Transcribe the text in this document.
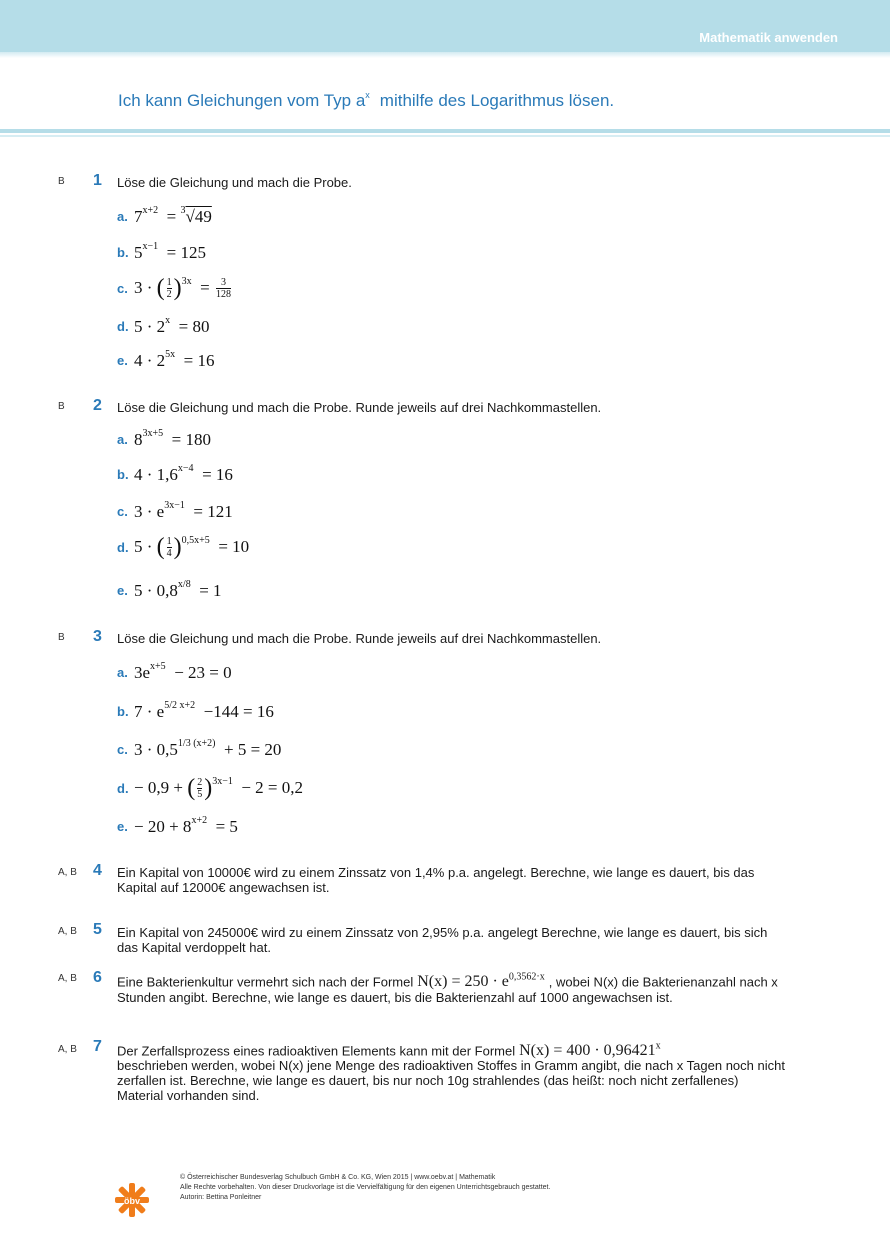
Mathematik anwenden
Ich kann Gleichungen vom Typ $a^x$ mithilfe des Logarithmus lösen.
B 1 Löse die Gleichung und mach die Probe.
a. $7^{x+2} = ^3√49$
b. $5^{x-1} = 125$
c. 3 · ( $\frac{1}{2} )^{3x} = \frac{3}{128}$
d. $5 \cdot 2^x = 80$
e. $4 \cdot 2^{5x} = 16$
B 2 Löse die Gleichung und mach die Probe. Runde jeweils auf drei Nachkommastellen.
a. $8^{3x+5} = 180$
b. $4 \cdot 1,6^{x-4} = 16$
c. $3 \cdot e^{3x-1} = 121$
d. 5 · ( $\frac{1}{4} )^{0,5x+5} = 10$
e. $5 \cdot 0,8^{x/8} = 1$
B 3 Löse die Gleichung und mach die Probe. Runde jeweils auf drei Nachkommastellen.
a. $3e^{x+5} - 23 = 0$
b. $7 \cdot e^{5/2 x+2} -144 = 16$
c. $3 \cdot 0,5^{1/3 (x+2)} + 5 = 20$
d. − 0,9 + ( $\frac{2}{5} )^{3x-1} - 2 = 0,2$
e. − $20 + 8^{x+2} = 5$
A, B 4 Ein Kapital von 10000€ wird zu einem Zinssatz von 1,4% p.a. angelegt. Berechne, wie lange es dauert, bis das Kapital auf 12000€ angewachsen ist.
A, B 5 Ein Kapital von 245000€ wird zu einem Zinssatz von 2,95% p.a. angelegt Berechne, wie lange es dauert, bis sich das Kapital verdoppelt hat.
A, B 6 Eine Bakterienkultur vermehrt sich nach der Formel $N(x) = 250 \cdot e^{0,3562\cdot x}$ , wobei N(x) die Bakterienanzahl nach x Stunden angibt. Berechne, wie lange es dauert, bis die Bakterienzahl auf 1000 angewachsen ist.
A, B 7 Der Zerfallsprozess eines radioaktiven Elements kann mit der Formel $N(x) = 400 \cdot 0,96421^x$
beschrieben werden, wobei N(x) jene Menge des radioaktiven Stoffes in Gramm angibt, die nach x Tagen noch nicht zerfallen ist. Berechne, wie lange es dauert, bis nur noch 10g strahlendes (das heißt: noch nicht zerfallenes) Material vorhanden sind.
öbv
© Österreichischer Bundesverlag Schulbuch GmbH & Co. KG, Wien 2015 | www.oebv.at | Mathematik
Alle Rechte vorbehalten. Von dieser Druckvorlage ist die Vervielfältigung für den eigenen Unterrichtsgebrauch gestattet.
Autorin: Bettina Ponleitner
